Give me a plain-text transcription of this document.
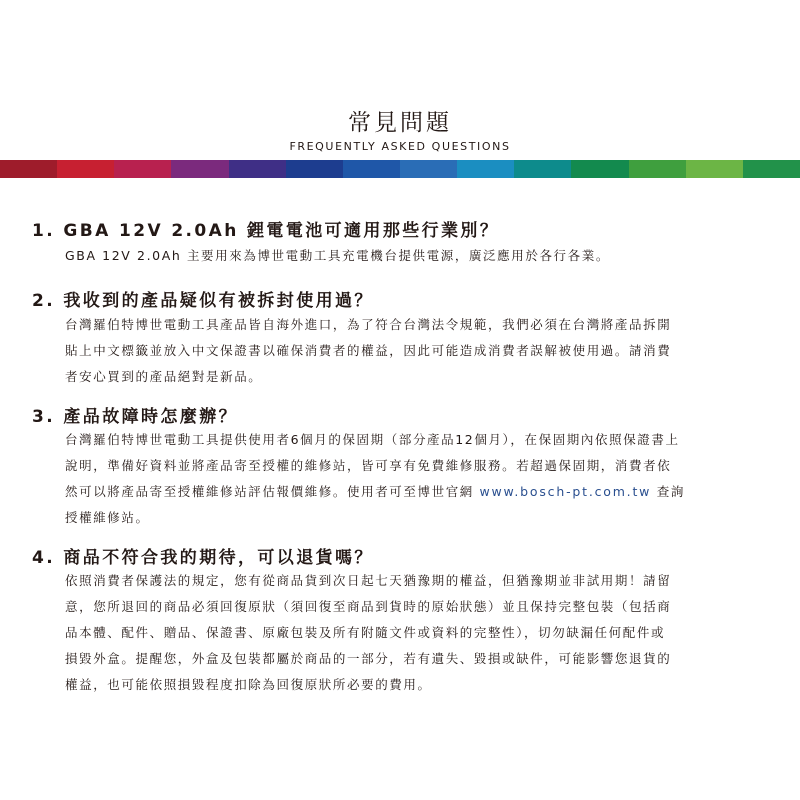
常見問題
FREQUENTLY ASKED QUESTIONS
1. GBA 12V 2.0Ah 鋰電電池可適用那些行業別？
GBA 12V 2.0Ah 主要用來為博世電動工具充電機台提供電源，廣泛應用於各行各業。
2. 我收到的產品疑似有被拆封使用過？
台灣羅伯特博世電動工具產品皆自海外進口，為了符合台灣法令規範，我們必須在台灣將產品拆開
貼上中文標籤並放入中文保證書以確保消費者的權益，因此可能造成消費者誤解被使用過。請消費
者安心買到的產品絕對是新品。
3. 產品故障時怎麼辦？
台灣羅伯特博世電動工具提供使用者6個月的保固期（部分產品12個月），在保固期內依照保證書上
說明，準備好資料並將產品寄至授權的維修站，皆可享有免費維修服務。若超過保固期，消費者依
然可以將產品寄至授權維修站評估報價維修。使用者可至博世官網 www.bosch-pt.com.tw 查詢
授權維修站。
4. 商品不符合我的期待，可以退貨嗎？
依照消費者保護法的規定，您有從商品貨到次日起七天猶豫期的權益，但猶豫期並非試用期！請留
意，您所退回的商品必須回復原狀（須回復至商品到貨時的原始狀態）並且保持完整包裝（包括商
品本體、配件、贈品、保證書、原廠包裝及所有附隨文件或資料的完整性），切勿缺漏任何配件或
損毀外盒。提醒您，外盒及包裝都屬於商品的一部分，若有遺失、毀損或缺件，可能影響您退貨的
權益，也可能依照損毀程度扣除為回復原狀所必要的費用。
